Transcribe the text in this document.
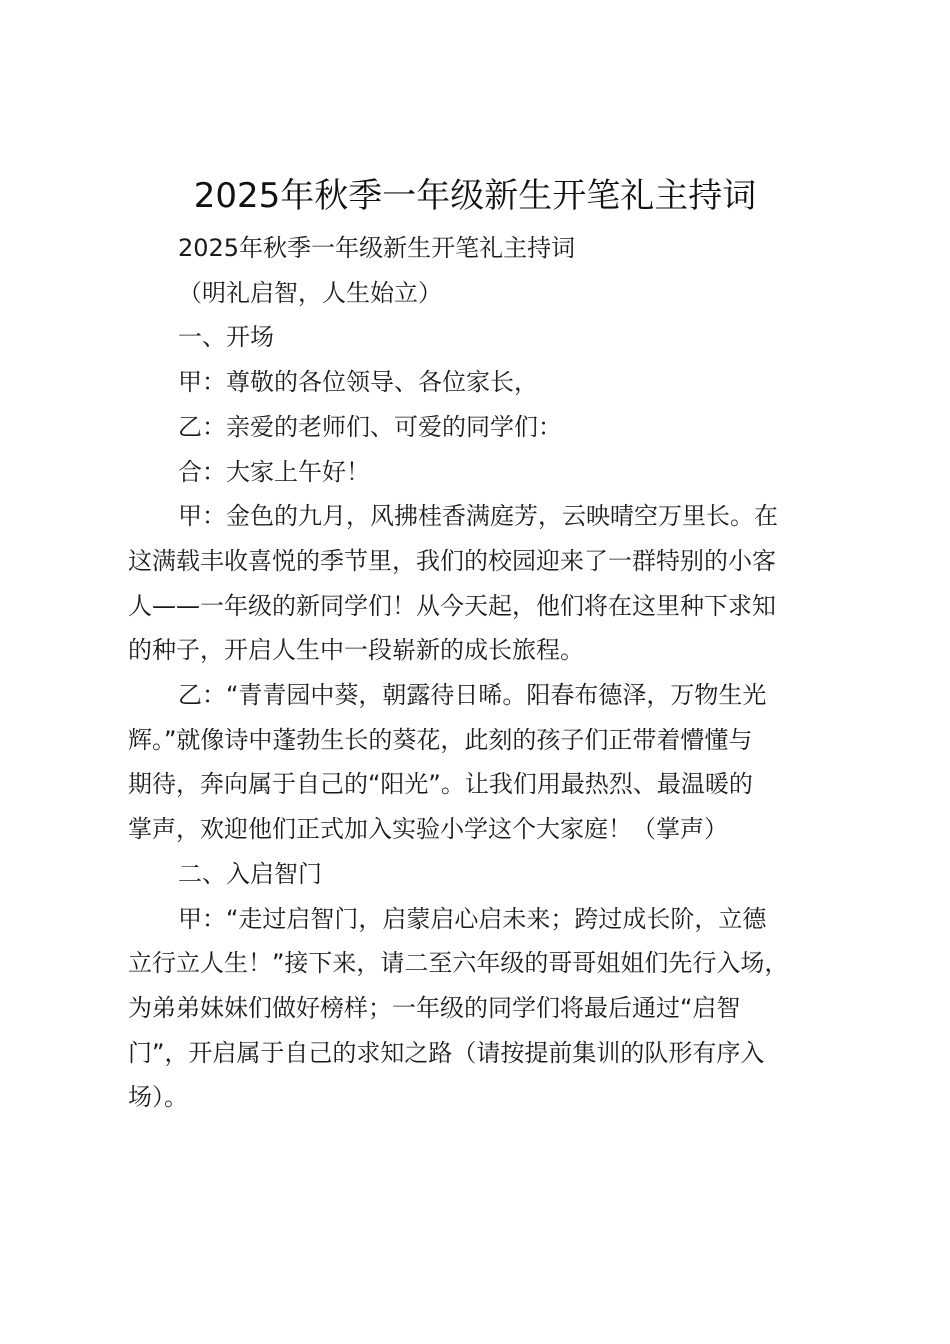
2025年秋季一年级新生开笔礼主持词

2025年秋季一年级新生开笔礼主持词

（明礼启智，人生始立）

一、开场

甲：尊敬的各位领导、各位家长，

乙：亲爱的老师们、可爱的同学们：

合：大家上午好！

甲：金色的九月，风拂桂香满庭芳，云映晴空万里长。在
这满载丰收喜悦的季节里，我们的校园迎来了一群特别的小客
人——一年级的新同学们！从今天起，他们将在这里种下求知
的种子，开启人生中一段崭新的成长旅程。

乙：“青青园中葵，朝露待日晞。阳春布德泽，万物生光
辉。”就像诗中蓬勃生长的葵花，此刻的孩子们正带着懵懂与
期待，奔向属于自己的“阳光”。让我们用最热烈、最温暖的
掌声，欢迎他们正式加入实验小学这个大家庭！（掌声）

二、入启智门

甲：“走过启智门，启蒙启心启未来；跨过成长阶，立德
立行立人生！”接下来，请二至六年级的哥哥姐姐们先行入场，
为弟弟妹妹们做好榜样；一年级的同学们将最后通过“启智
门”，开启属于自己的求知之路（请按提前集训的队形有序入
场）。
